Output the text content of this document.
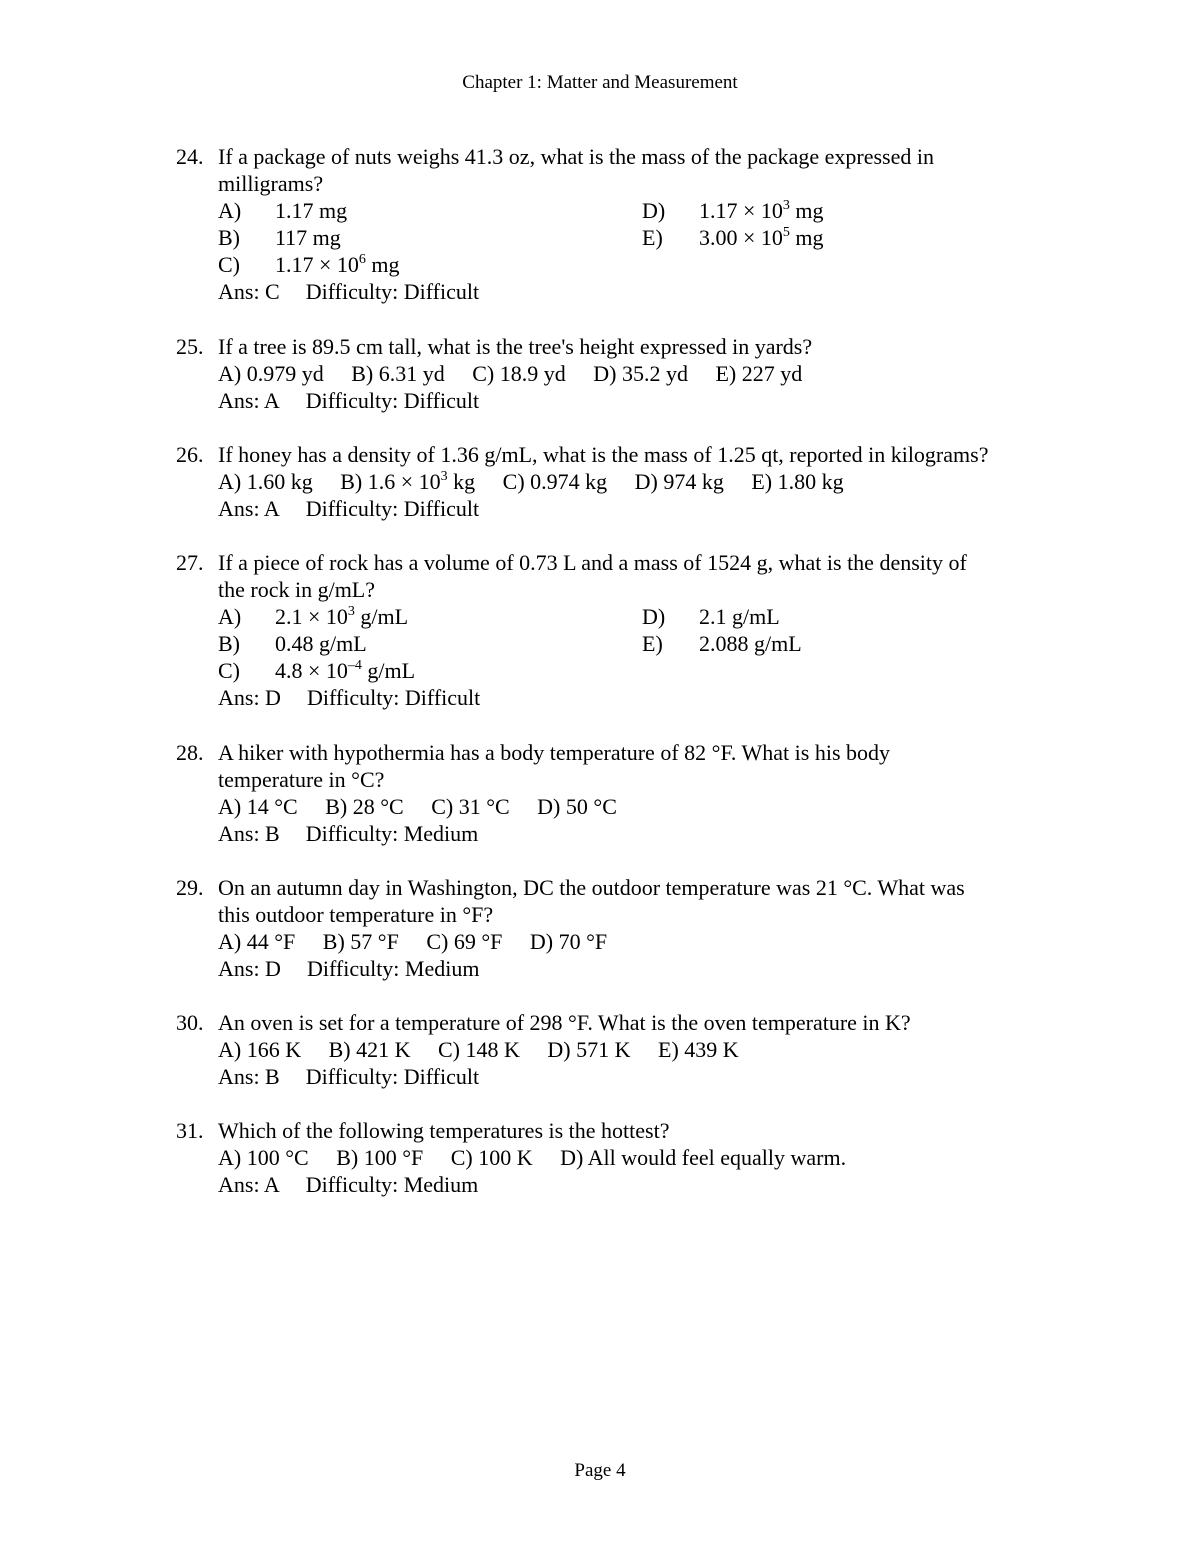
Chapter 1: Matter and Measurement
24. If a package of nuts weighs 41.3 oz, what is the mass of the package expressed in
milligrams?
A) 1.17 mg	D) $1.17 \times 10^3$ mg
B) 117 mg	E) $3.00 \times 10^5$ mg
C) $1.17 \times 10^6$ mg
Ans: C Difficulty: Difficult
25. If a tree is 89.5 cm tall, what is the tree's height expressed in yards?
A) 0.979 yd B) 6.31 yd C) 18.9 yd D) 35.2 yd E) 227 yd
Ans: A Difficulty: Difficult
26. If honey has a density of 1.36 g/mL, what is the mass of 1.25 qt, reported in kilograms?
A) 1.60 kg B) $1.6 \times 10^3$ kg C) 0.974 kg D) 974 kg E) 1.80 kg
Ans: A Difficulty: Difficult
27. If a piece of rock has a volume of 0.73 L and a mass of 1524 g, what is the density of
the rock in g/mL?
A) $2.1 \times 10^3$ g/mL	D) 2.1 g/mL
B) 0.48 g/mL	E) 2.088 g/mL
C) $4.8 \times 10^{-4}$ g/mL
Ans: D Difficulty: Difficult
28. A hiker with hypothermia has a body temperature of 82 °F. What is his body
temperature in °C?
A) 14 °C B) 28 °C C) 31 °C D) 50 °C
Ans: B Difficulty: Medium
29. On an autumn day in Washington, DC the outdoor temperature was 21 °C. What was
this outdoor temperature in °F?
A) 44 °F B) 57 °F C) 69 °F D) 70 °F
Ans: D Difficulty: Medium
30. An oven is set for a temperature of 298 °F. What is the oven temperature in K?
A) 166 K B) 421 K C) 148 K D) 571 K E) 439 K
Ans: B Difficulty: Difficult
31. Which of the following temperatures is the hottest?
A) 100 °C B) 100 °F C) 100 K D) All would feel equally warm.
Ans: A Difficulty: Medium
Page 4
